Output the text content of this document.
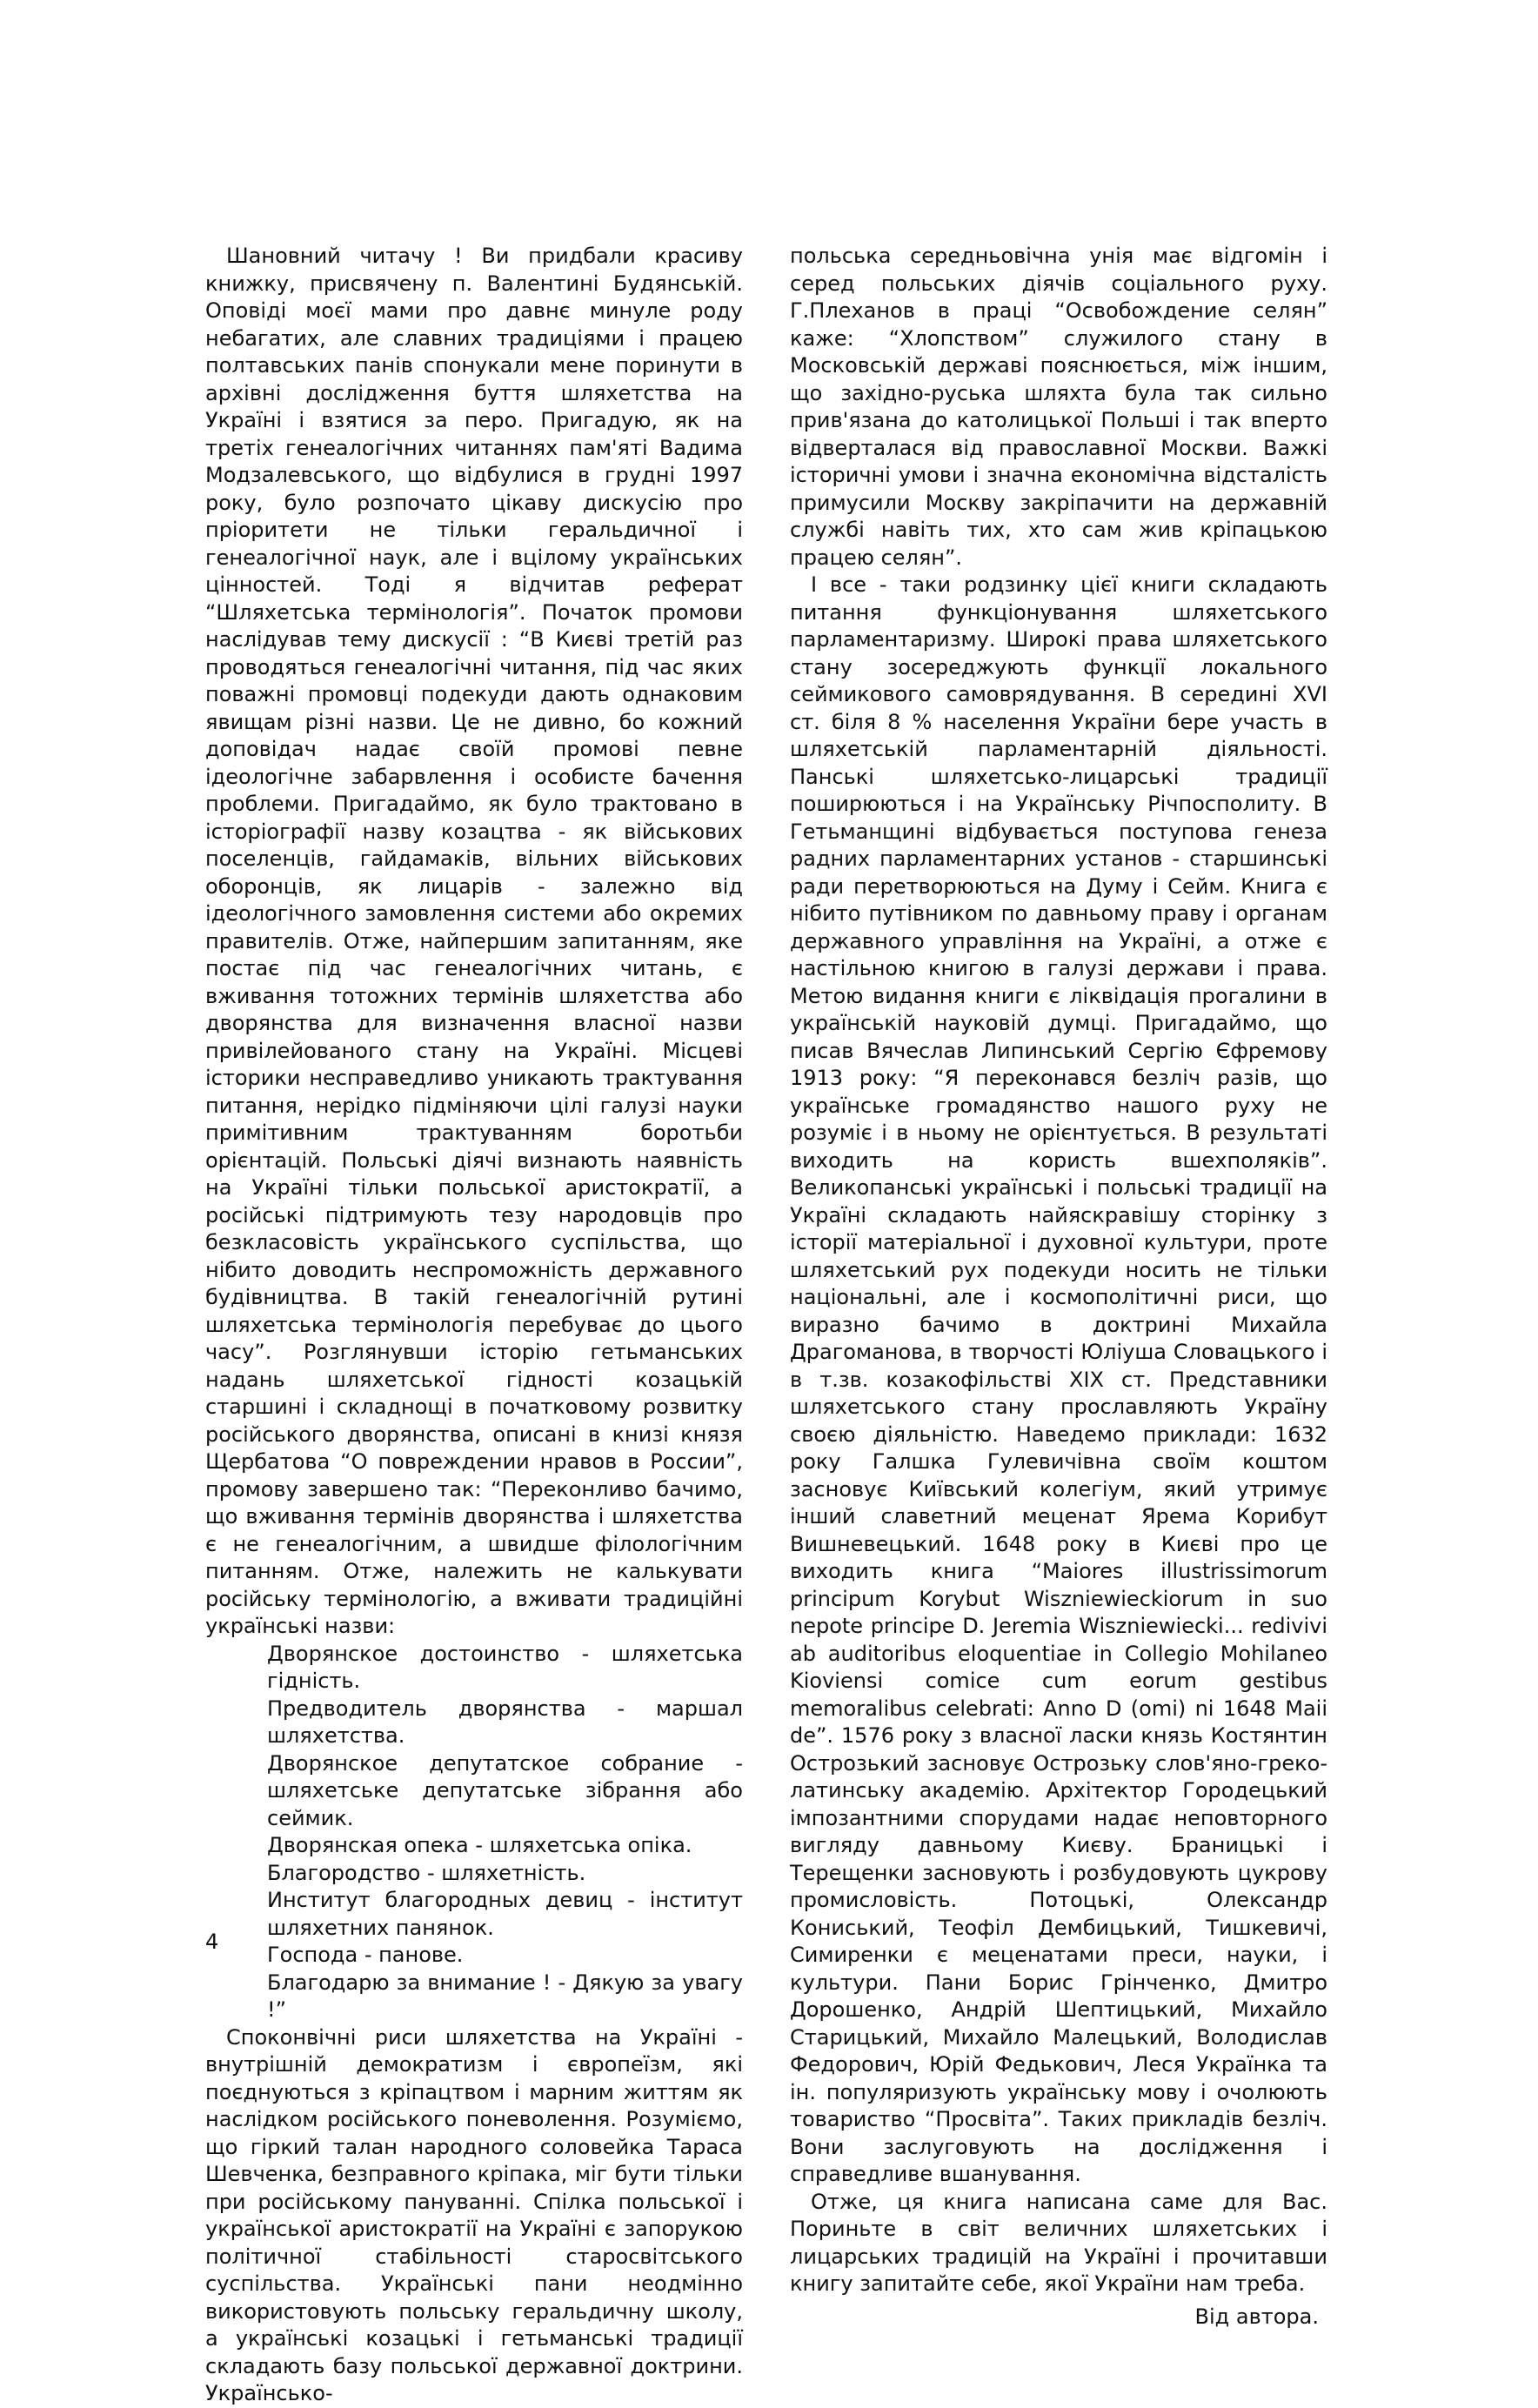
Шановний читачу ! Ви придбали красиву книжку, присвячену п. Валентині Будянській. Оповіді моєї мами про давнє минуле роду небагатих, але славних традиціями і працею полтавських панів спонукали мене поринути в архівні дослідження буття шляхетства на Україні і взятися за перо. Пригадую, як на третіх генеалогічних читаннях пам'яті Вадима Модзалевського, що відбулися в грудні 1997 року, було розпочато цікаву дискусію про пріоритети не тільки геральдичної і генеалогічної наук, але і вцілому українських цінностей. Тоді я відчитав реферат “Шляхетська термінологія”. Початок промови наслідував тему дискусії : “В Києві третій раз проводяться генеалогічні читання, під час яких поважні промовці подекуди дають однаковим явищам різні назви. Це не дивно, бо кожний доповідач надає своїй промові певне ідеологічне забарвлення і особисте бачення проблеми. Пригадаймо, як було трактовано в історіографії назву козацтва - як військових поселенців, гайдамаків, вільних військових оборонців, як лицарів - залежно від ідеологічного замовлення системи або окремих правителів. Отже, найпершим запитанням, яке постає під час генеалогічних читань, є вживання тотожних термінів шляхетства або дворянства для визначення власної назви привілейованого стану на Україні. Місцеві історики несправедливо уникають трактування питання, нерідко підміняючи цілі галузі науки примітивним трактуванням боротьби орієнтацій. Польські діячі визнають наявність на Україні тільки польської аристократії, а російські підтримують тезу народовців про безкласовість українського суспільства, що нібито доводить неспроможність державного будівництва. В такій генеалогічній рутині шляхетська термінологія перебуває до цього часу”. Розглянувши історію гетьманських надань шляхетської гідності козацькій старшині і складнощі в початковому розвитку російського дворянства, описані в книзі князя Щербатова “О повреждении нравов в России”, промову завершено так: “Переконливо бачимо, що вживання термінів дворянства і шляхетства є не генеалогічним, а швидше філологічним питанням. Отже, належить не калькувати російську термінологію, а вживати традиційні українські назви:

Дворянское достоинство - шляхетська гідність.
Предводитель дворянства - маршал шляхетства.
Дворянское депутатское собрание - шляхетське депутатське зібрання або сеймик.
Дворянская опека - шляхетська опіка.
Благородство - шляхетність.
Институт благородных девиц - інститут шляхетних панянок.
Господа - панове.
Благодарю за внимание ! - Дякую за увагу !”

Споконвічні риси шляхетства на Україні - внутрішній демократизм і європеїзм, які поєднуються з кріпацтвом і марним життям як наслідком російського поневолення. Розуміємо, що гіркий талан народного соловейка Тараса Шевченка, безправного кріпака, міг бути тільки при російському пануванні. Спілка польської і української аристократії на Україні є запорукою політичної стабільності старосвітського суспільства. Українські пани неодмінно використовують польську геральдичну школу, а українські козацькі і гетьманські традиції складають базу польської державної доктрини. Українсько-

польська середньовічна унія має відгомін і серед польських діячів соціального руху. Г.Плеханов в праці “Освобождение селян” каже: “Хлопством” служилого стану в Московській державі пояснюється, між іншим, що західно-руська шляхта була так сильно прив'язана до католицької Польші і так вперто відверталася від православної Москви. Важкі історичні умови і значна економічна відсталість примусили Москву закріпачити на державній службі навіть тих, хто сам жив кріпацькою працею селян”.

І все - таки родзинку цієї книги складають питання функціонування шляхетського парламентаризму. Широкі права шляхетського стану зосереджують функції локального сеймикового самоврядування. В середині XVI ст. біля 8 % населення України бере участь в шляхетській парламентарній діяльності. Панські шляхетсько-лицарські традиції поширюються і на Українську Річпосполиту. В Гетьманщині відбувається поступова генеза радних парламентарних установ - старшинські ради перетворюються на Думу і Сейм. Книга є нібито путівником по давньому праву і органам державного управління на Україні, а отже є настільною книгою в галузі держави і права. Метою видання книги є ліквідація прогалини в українській науковій думці. Пригадаймо, що писав Вячеслав Липинський Сергію Єфремову 1913 року: “Я переконався безліч разів, що українське громадянство нашого руху не розуміє і в ньому не орієнтується. В результаті виходить на користь вшехполяків”. Великопанські українські і польські традиції на Україні складають найяскравішу сторінку з історії матеріальної і духовної культури, проте шляхетський рух подекуди носить не тільки національні, але і космополітичні риси, що виразно бачимо в доктрині Михайла Драгоманова, в творчості Юліуша Словацького і в т.зв. козакофільстві XIX ст. Представники шляхетського стану прославляють Україну своєю діяльністю. Наведемо приклади: 1632 року Галшка Гулевичівна своїм коштом засновує Київський колегіум, який утримує інший славетний меценат Ярема Корибут Вишневецький. 1648 року в Києві про це виходить книга “Maiores illustrissimorum principum Korybut Wiszniewieckiorum in suo nepote principe D. Jeremia Wiszniewiecki... redivivi ab auditoribus eloquentiae in Collegio Mohilaneo Kioviensi comice cum eorum gestibus memoralibus celebrati: Anno D (omi) ni 1648 Maii de”. 1576 року з власної ласки князь Костянтин Острозький засновує Острозьку слов'яно-греко-латинську академію. Архітектор Городецький імпозантними спорудами надає неповторного вигляду давньому Києву. Браницькі і Терещенки засновують і розбудовують цукрову промисловість. Потоцькі, Олександр Кониський, Теофіл Дембицький, Тишкевичі, Симиренки є меценатами преси, науки, і культури. Пани Борис Грінченко, Дмитро Дорошенко, Андрій Шептицький, Михайло Старицький, Михайло Малецький, Володислав Федорович, Юрій Федькович, Леся Українка та ін. популяризують українську мову і очолюють товариство “Просвіта”. Таких прикладів безліч. Вони заслуговують на дослідження і справедливе вшанування.

Отже, ця книга написана саме для Вас. Пориньте в світ величних шляхетських і лицарських традицій на Україні і прочитавши книгу запитайте себе, якої України нам треба.

Від автора.

4
